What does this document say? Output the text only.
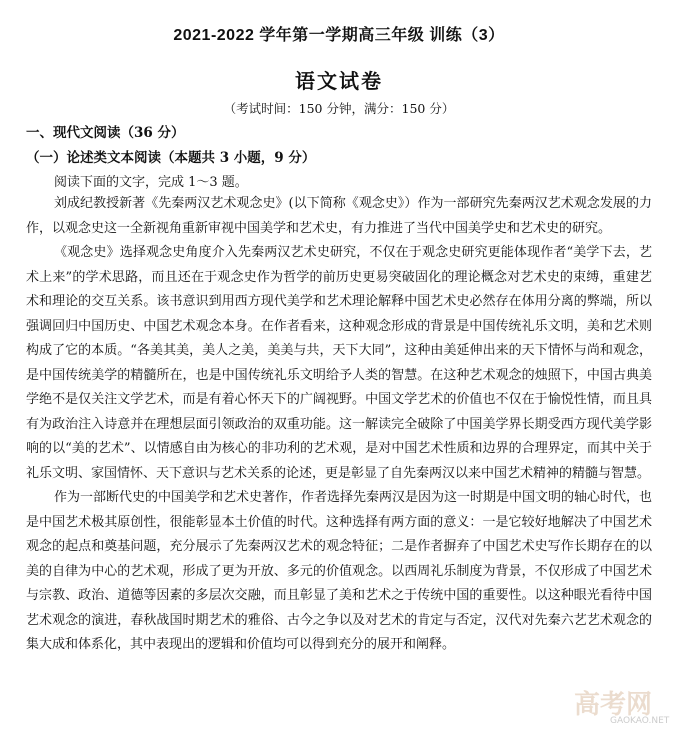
2021-2022 学年第一学期高三年级 训练（3）
语文试卷
（考试时间：150 分钟，满分：150 分）
一、现代文阅读（36 分）
（一）论述类文本阅读（本题共 3 小题，9 分）
阅读下面的文字，完成 1～3 题。

刘成纪教授新著《先秦两汉艺术观念史》(以下简称《观念史》）作为一部研究先秦两汉艺术观念发展的力作，以观念史这一全新视角重新审视中国美学和艺术史，有力推进了当代中国美学史和艺术史的研究。

《观念史》选择观念史角度介入先秦两汉艺术史研究，不仅在于观念史研究更能体现作者“美学下去，艺术上来”的学术思路，而且还在于观念史作为哲学的前历史更易突破固化的理论概念对艺术史的束缚，重建艺术和理论的交互关系。该书意识到用西方现代美学和艺术理论解释中国艺术史必然存在体用分离的弊端，所以强调回归中国历史、中国艺术观念本身。在作者看来，这种观念形成的背景是中国传统礼乐文明，美和艺术则构成了它的本质。“各美其美，美人之美，美美与共，天下大同”，这种由美延伸出来的天下情怀与尚和观念，是中国传统美学的精髓所在，也是中国传统礼乐文明给予人类的智慧。在这种艺术观念的烛照下，中国古典美学绝不是仅关注文学艺术，而是有着心怀天下的广阔视野。中国文学艺术的价值也不仅在于愉悦性情，而且具有为政治注入诗意并在理想层面引领政治的双重功能。这一解读完全破除了中国美学界长期受西方现代美学影响的以“美的艺术”、以情感自由为核心的非功利的艺术观，是对中国艺术性质和边界的合理界定，而其中关于礼乐文明、家国情怀、天下意识与艺术关系的论述，更是彰显了自先秦两汉以来中国艺术精神的精髓与智慧。

作为一部断代史的中国美学和艺术史著作，作者选择先秦两汉是因为这一时期是中国文明的轴心时代，也是中国艺术极其原创性，很能彰显本土价值的时代。这种选择有两方面的意义：一是它较好地解决了中国艺术观念的起点和奠基问题，充分展示了先秦两汉艺术的观念特征；二是作者摒弃了中国艺术史写作长期存在的以美的自律为中心的艺术观，形成了更为开放、多元的价值观念。以西周礼乐制度为背景，不仅形成了中国艺术与宗教、政治、道德等因素的多层次交融，而且彰显了美和艺术之于传统中国的重要性。以这种眼光看待中国艺术观念的演进，春秋战国时期艺术的雅俗、古今之争以及对艺术的肯定与否定，汉代对先秦六艺艺术观念的集大成和体系化，其中表现出的逻辑和价值均可以得到充分的展开和阐释。

高考网
GAOKAO.NET
